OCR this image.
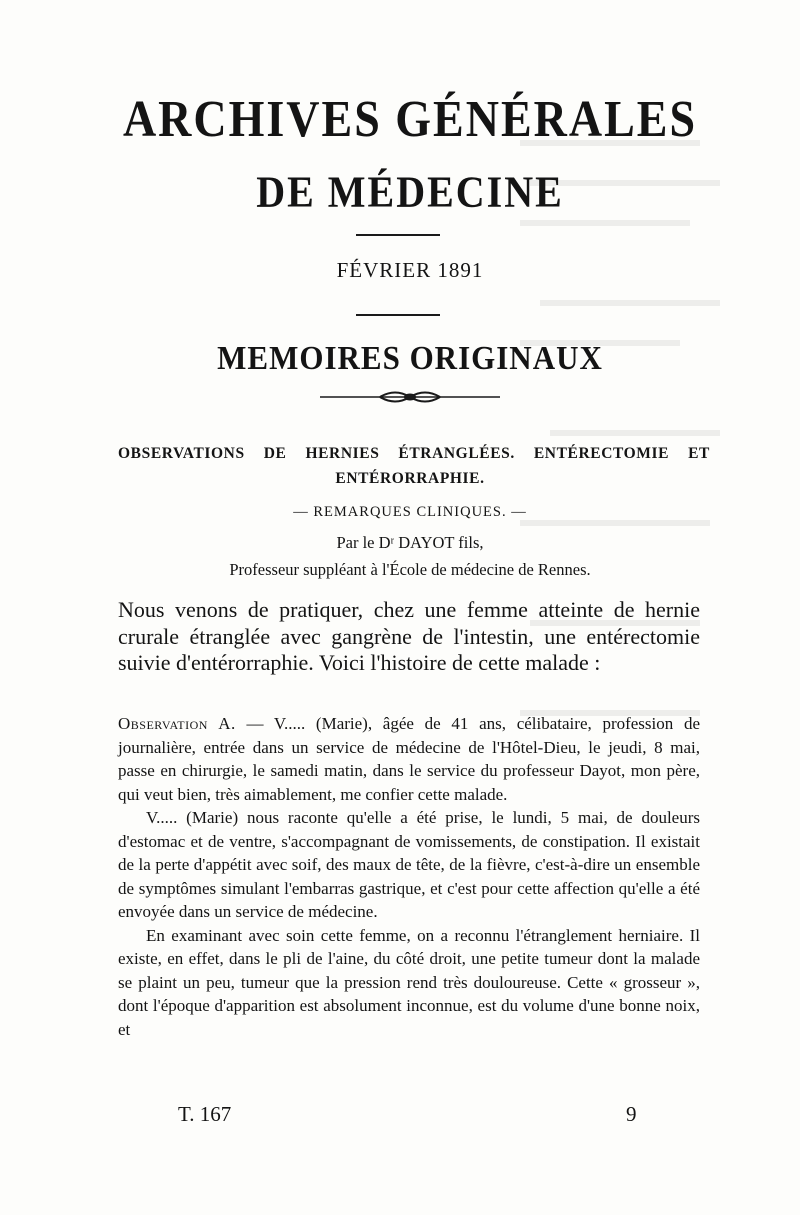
ARCHIVES GÉNÉRALES
DE MÉDECINE
FÉVRIER 1891
MEMOIRES ORIGINAUX
OBSERVATIONS DE HERNIES ÉTRANGLÉES. ENTÉRECTOMIE ET
ENTÉRORRAPHIE.
— REMARQUES CLINIQUES. —
Par le Dʳ DAYOT fils,
Professeur suppléant à l'École de médecine de Rennes.
Nous venons de pratiquer, chez une femme atteinte de hernie crurale étranglée avec gangrène de l'intestin, une entérectomie suivie d'entérorraphie. Voici l'histoire de cette malade :

Observation A. — V..... (Marie), âgée de 41 ans, célibataire, profession de journalière, entrée dans un service de médecine de l'Hôtel-Dieu, le jeudi, 8 mai, passe en chirurgie, le samedi matin, dans le service du professeur Dayot, mon père, qui veut bien, très aimablement, me confier cette malade.

V..... (Marie) nous raconte qu'elle a été prise, le lundi, 5 mai, de douleurs d'estomac et de ventre, s'accompagnant de vomissements, de constipation. Il existait de la perte d'appétit avec soif, des maux de tête, de la fièvre, c'est-à-dire un ensemble de symptômes simulant l'embarras gastrique, et c'est pour cette affection qu'elle a été envoyée dans un service de médecine.

En examinant avec soin cette femme, on a reconnu l'étranglement herniaire. Il existe, en effet, dans le pli de l'aine, du côté droit, une petite tumeur dont la malade se plaint un peu, tumeur que la pression rend très douloureuse. Cette « grosseur », dont l'époque d'apparition est absolument inconnue, est du volume d'une bonne noix, et

T. 167	9
